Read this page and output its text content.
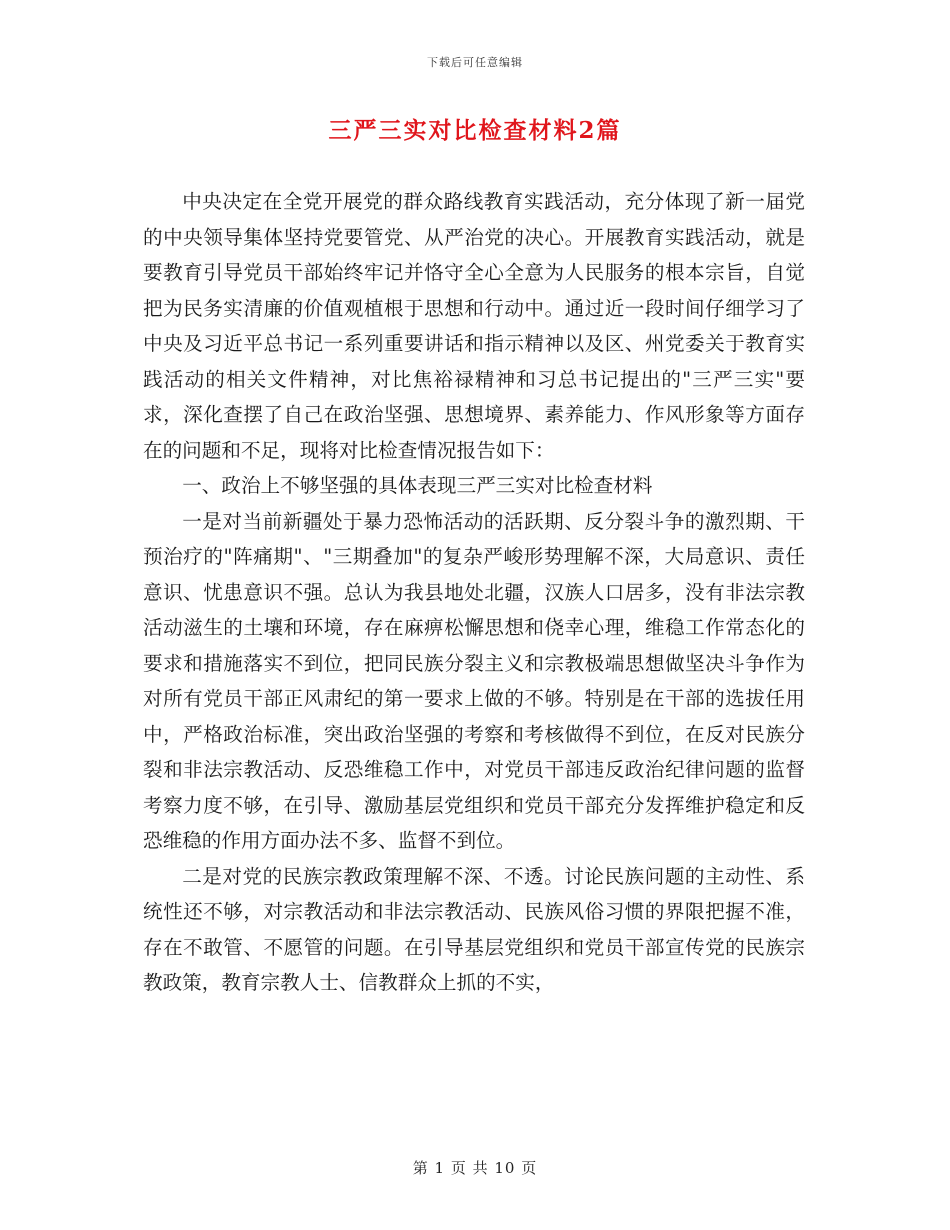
下载后可任意编辑
三严三实对比检查材料2篇

中央决定在全党开展党的群众路线教育实践活动，充分体现了新一届党的中央领导集体坚持党要管党、从严治党的决心。开展教育实践活动，就是要教育引导党员干部始终牢记并恪守全心全意为人民服务的根本宗旨，自觉把为民务实清廉的价值观植根于思想和行动中。通过近一段时间仔细学习了中央及习近平总书记一系列重要讲话和指示精神以及区、州党委关于教育实践活动的相关文件精神，对比焦裕禄精神和习总书记提出的"三严三实"要求，深化查摆了自己在政治坚强、思想境界、素养能力、作风形象等方面存在的问题和不足，现将对比检查情况报告如下：

一、政治上不够坚强的具体表现三严三实对比检查材料

一是对当前新疆处于暴力恐怖活动的活跃期、反分裂斗争的激烈期、干预治疗的"阵痛期"、"三期叠加"的复杂严峻形势理解不深，大局意识、责任意识、忧患意识不强。总认为我县地处北疆，汉族人口居多，没有非法宗教活动滋生的土壤和环境，存在麻痹松懈思想和侥幸心理，维稳工作常态化的要求和措施落实不到位，把同民族分裂主义和宗教极端思想做坚决斗争作为对所有党员干部正风肃纪的第一要求上做的不够。特别是在干部的选拔任用中，严格政治标准，突出政治坚强的考察和考核做得不到位，在反对民族分裂和非法宗教活动、反恐维稳工作中，对党员干部违反政治纪律问题的监督考察力度不够，在引导、激励基层党组织和党员干部充分发挥维护稳定和反恐维稳的作用方面办法不多、监督不到位。

二是对党的民族宗教政策理解不深、不透。讨论民族问题的主动性、系统性还不够，对宗教活动和非法宗教活动、民族风俗习惯的界限把握不准，存在不敢管、不愿管的问题。在引导基层党组织和党员干部宣传党的民族宗教政策，教育宗教人士、信教群众上抓的不实，

第 1 页 共 10 页
